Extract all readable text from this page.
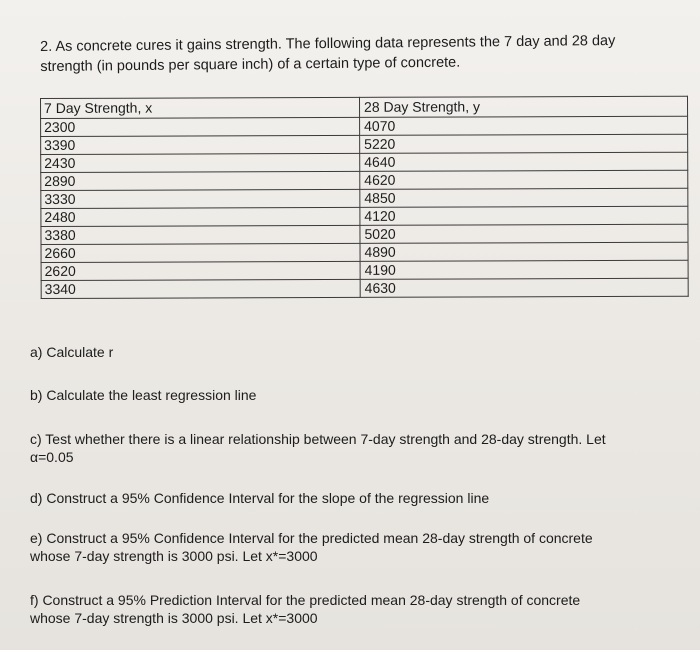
2. As concrete cures it gains strength. The following data represents the 7 day and 28 day

strength (in pounds per square inch) of a certain type of concrete.

7 Day Strength, x	28 Day Strength, y
2300	4070
3390	5220
2430	4640
2890	4620
3330	4850
2480	4120
3380	5020
2660	4890
2620	4190
3340	4630
a) Calculate r
b) Calculate the least regression line
c) Test whether there is a linear relationship between 7-day strength and 28-day strength. Let
α=0.05
d) Construct a 95% Confidence Interval for the slope of the regression line
e) Construct a 95% Confidence Interval for the predicted mean 28-day strength of concrete
whose 7-day strength is 3000 psi. Let x*=3000
f) Construct a 95% Prediction Interval for the predicted mean 28-day strength of concrete
whose 7-day strength is 3000 psi. Let x*=3000
